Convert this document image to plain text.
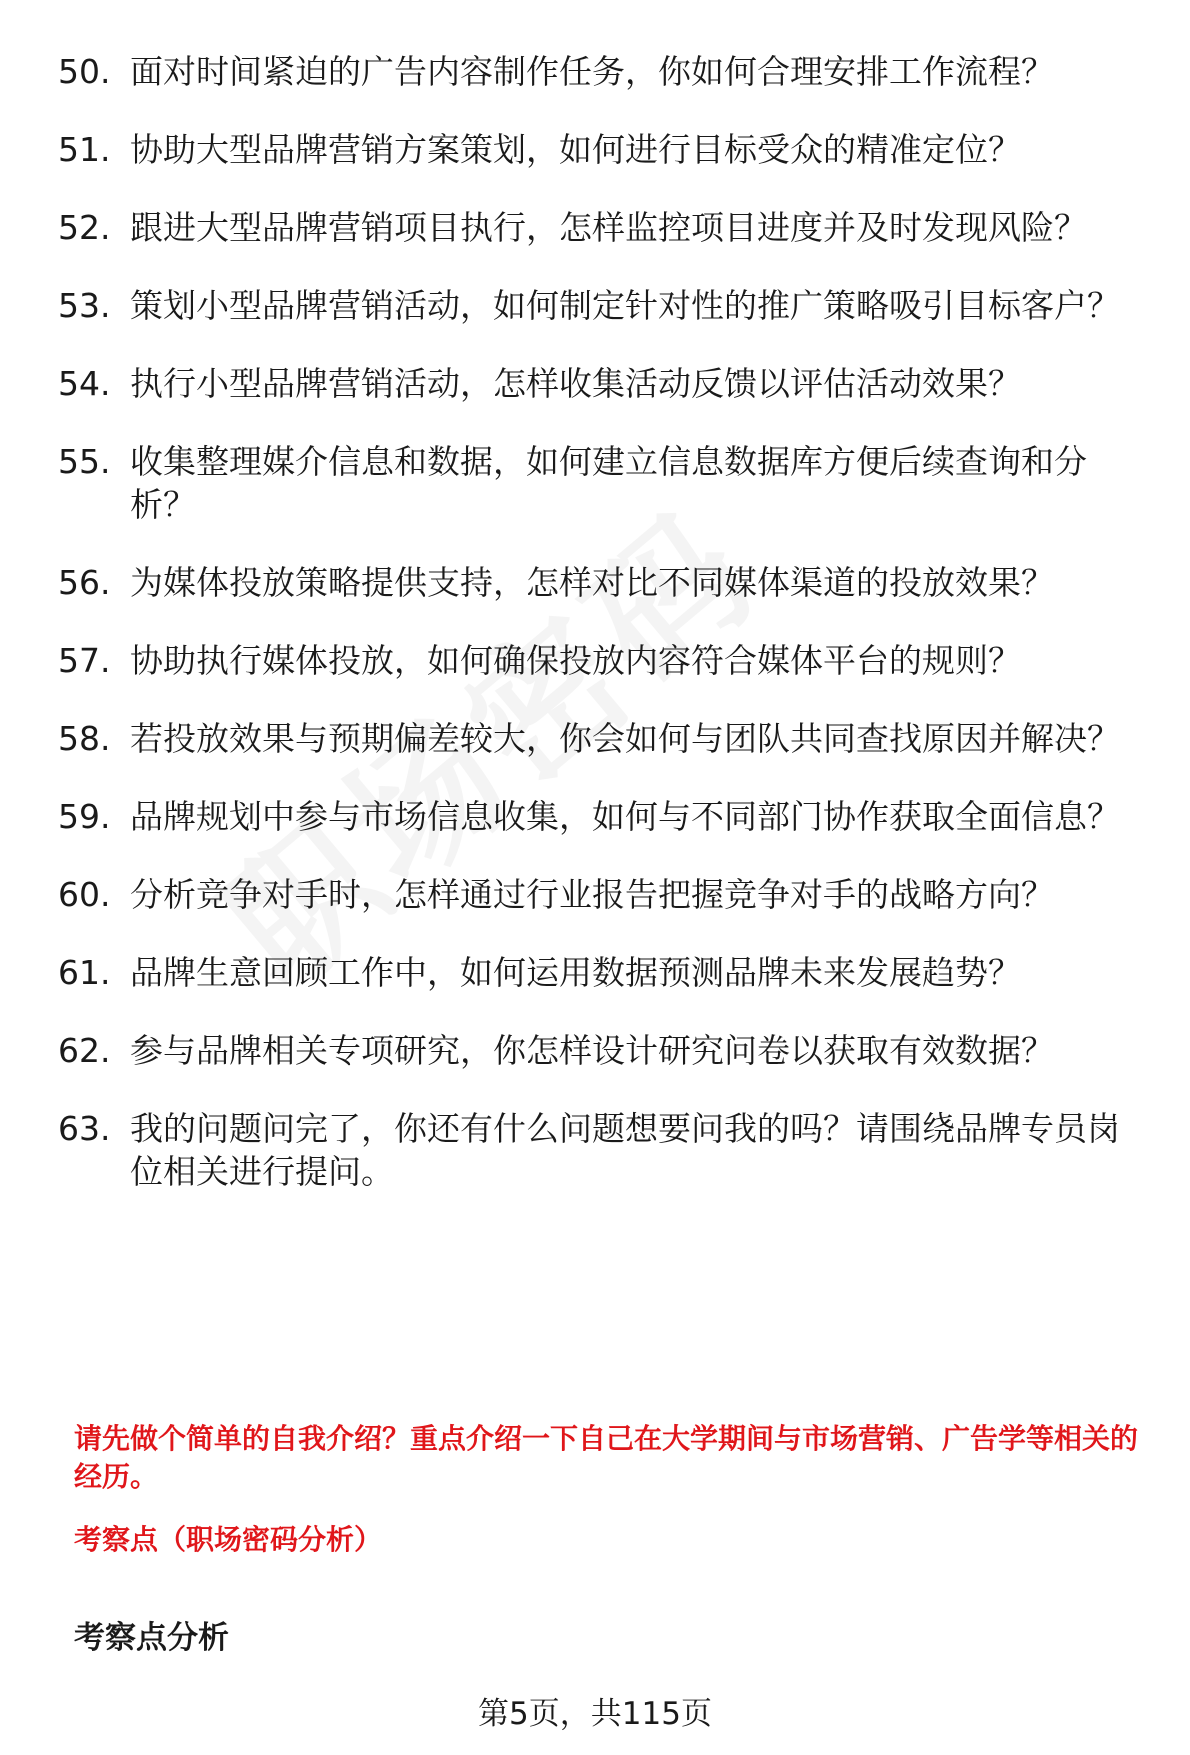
50. 面对时间紧迫的广告内容制作任务，你如何合理安排工作流程？
51. 协助大型品牌营销方案策划，如何进行目标受众的精准定位？
52. 跟进大型品牌营销项目执行，怎样监控项目进度并及时发现风险？
53. 策划小型品牌营销活动，如何制定针对性的推广策略吸引目标客户？
54. 执行小型品牌营销活动，怎样收集活动反馈以评估活动效果？
55. 收集整理媒介信息和数据，如何建立信息数据库方便后续查询和分析？
56. 为媒体投放策略提供支持，怎样对比不同媒体渠道的投放效果？
57. 协助执行媒体投放，如何确保投放内容符合媒体平台的规则？
58. 若投放效果与预期偏差较大，你会如何与团队共同查找原因并解决？
59. 品牌规划中参与市场信息收集，如何与不同部门协作获取全面信息？
60. 分析竞争对手时，怎样通过行业报告把握竞争对手的战略方向？
61. 品牌生意回顾工作中，如何运用数据预测品牌未来发展趋势？
62. 参与品牌相关专项研究，你怎样设计研究问卷以获取有效数据？
63. 我的问题问完了，你还有什么问题想要问我的吗？请围绕品牌专员岗位相关进行提问。
请先做个简单的自我介绍？重点介绍一下自己在大学期间与市场营销、广告学等相关的经历。
考察点（职场密码分析）
考察点分析
第5页，共115页
